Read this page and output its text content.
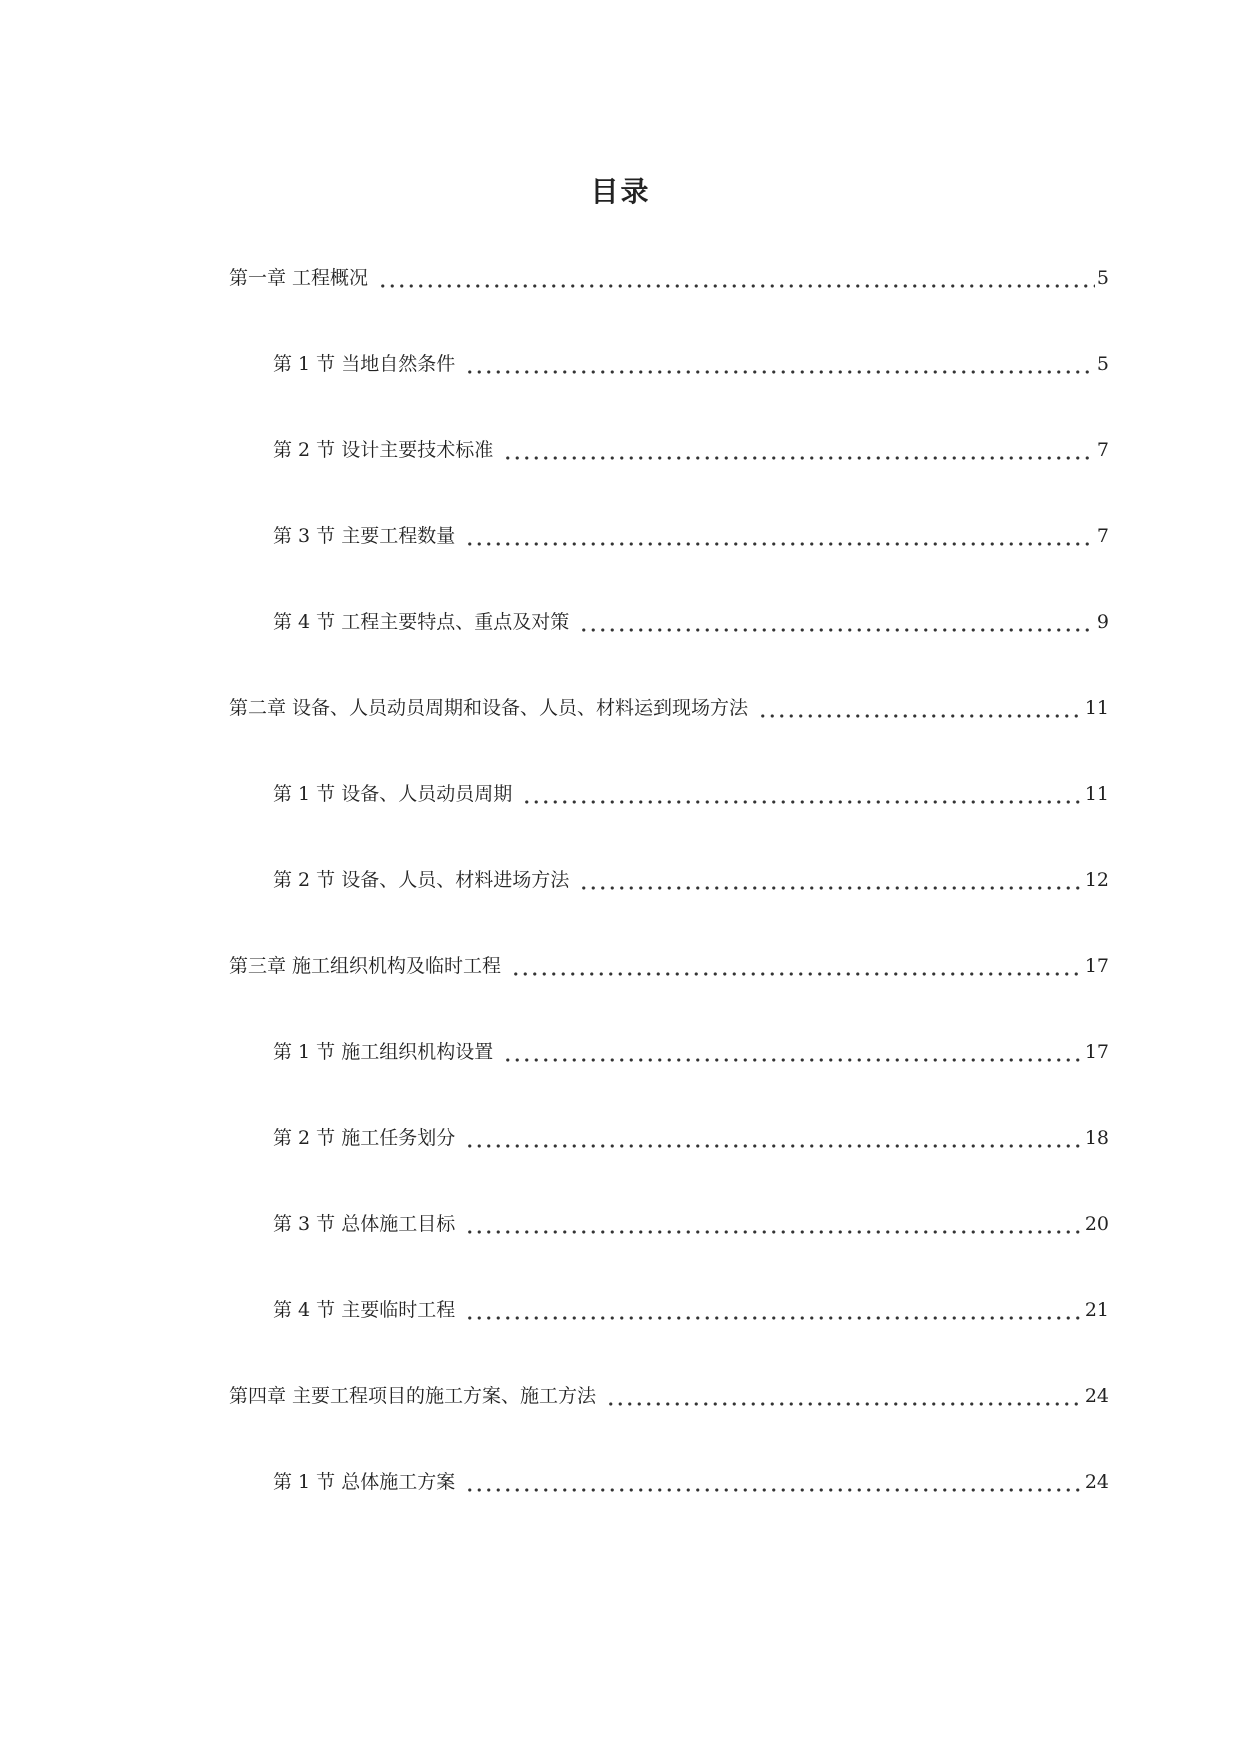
目录
第一章 工程概况	5
第 1 节 当地自然条件	5
第 2 节 设计主要技术标准	7
第 3 节 主要工程数量	7
第 4 节 工程主要特点、重点及对策	9
第二章 设备、人员动员周期和设备、人员、材料运到现场方法	11
第 1 节 设备、人员动员周期	11
第 2 节 设备、人员、材料进场方法	12
第三章 施工组织机构及临时工程	17
第 1 节 施工组织机构设置	17
第 2 节 施工任务划分	18
第 3 节 总体施工目标	20
第 4 节 主要临时工程	21
第四章 主要工程项目的施工方案、施工方法	24
第 1 节 总体施工方案	24
